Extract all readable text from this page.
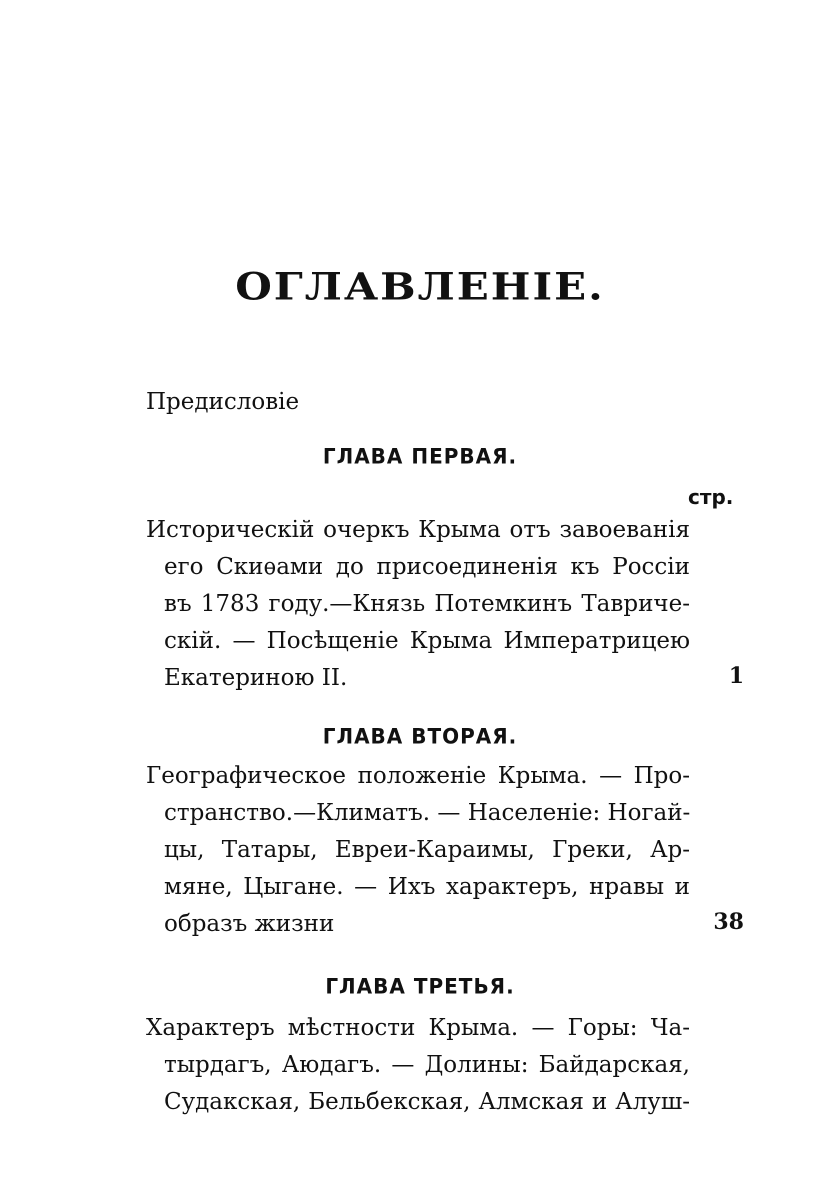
ОГЛАВЛЕНІЕ.
Предисловіе
ГЛАВА ПЕРВАЯ.
стр.
Историческій очеркъ Крыма отъ завоеванія
его Скиѳами до присоединенія къ Россіи
въ 1783 году.—Князь Потемкинъ Тавриче-
скій. — Посѣщеніе Крыма Императрицею
Екатериною II.	1
ГЛАВА ВТОРАЯ.
Географическое положеніе Крыма. — Про-
странство.—Климатъ. — Населеніе: Ногай-
цы, Татары, Евреи-Караимы, Греки, Ар-
мяне, Цыгане. — Ихъ характеръ, нравы и
образъ жизни	38
ГЛАВА ТРЕТЬЯ.
Характеръ мѣстности Крыма. — Горы: Ча-
тырдагъ, Аюдагъ. — Долины: Байдарская,
Судакская, Бельбекская, Алмская и Алуш-
